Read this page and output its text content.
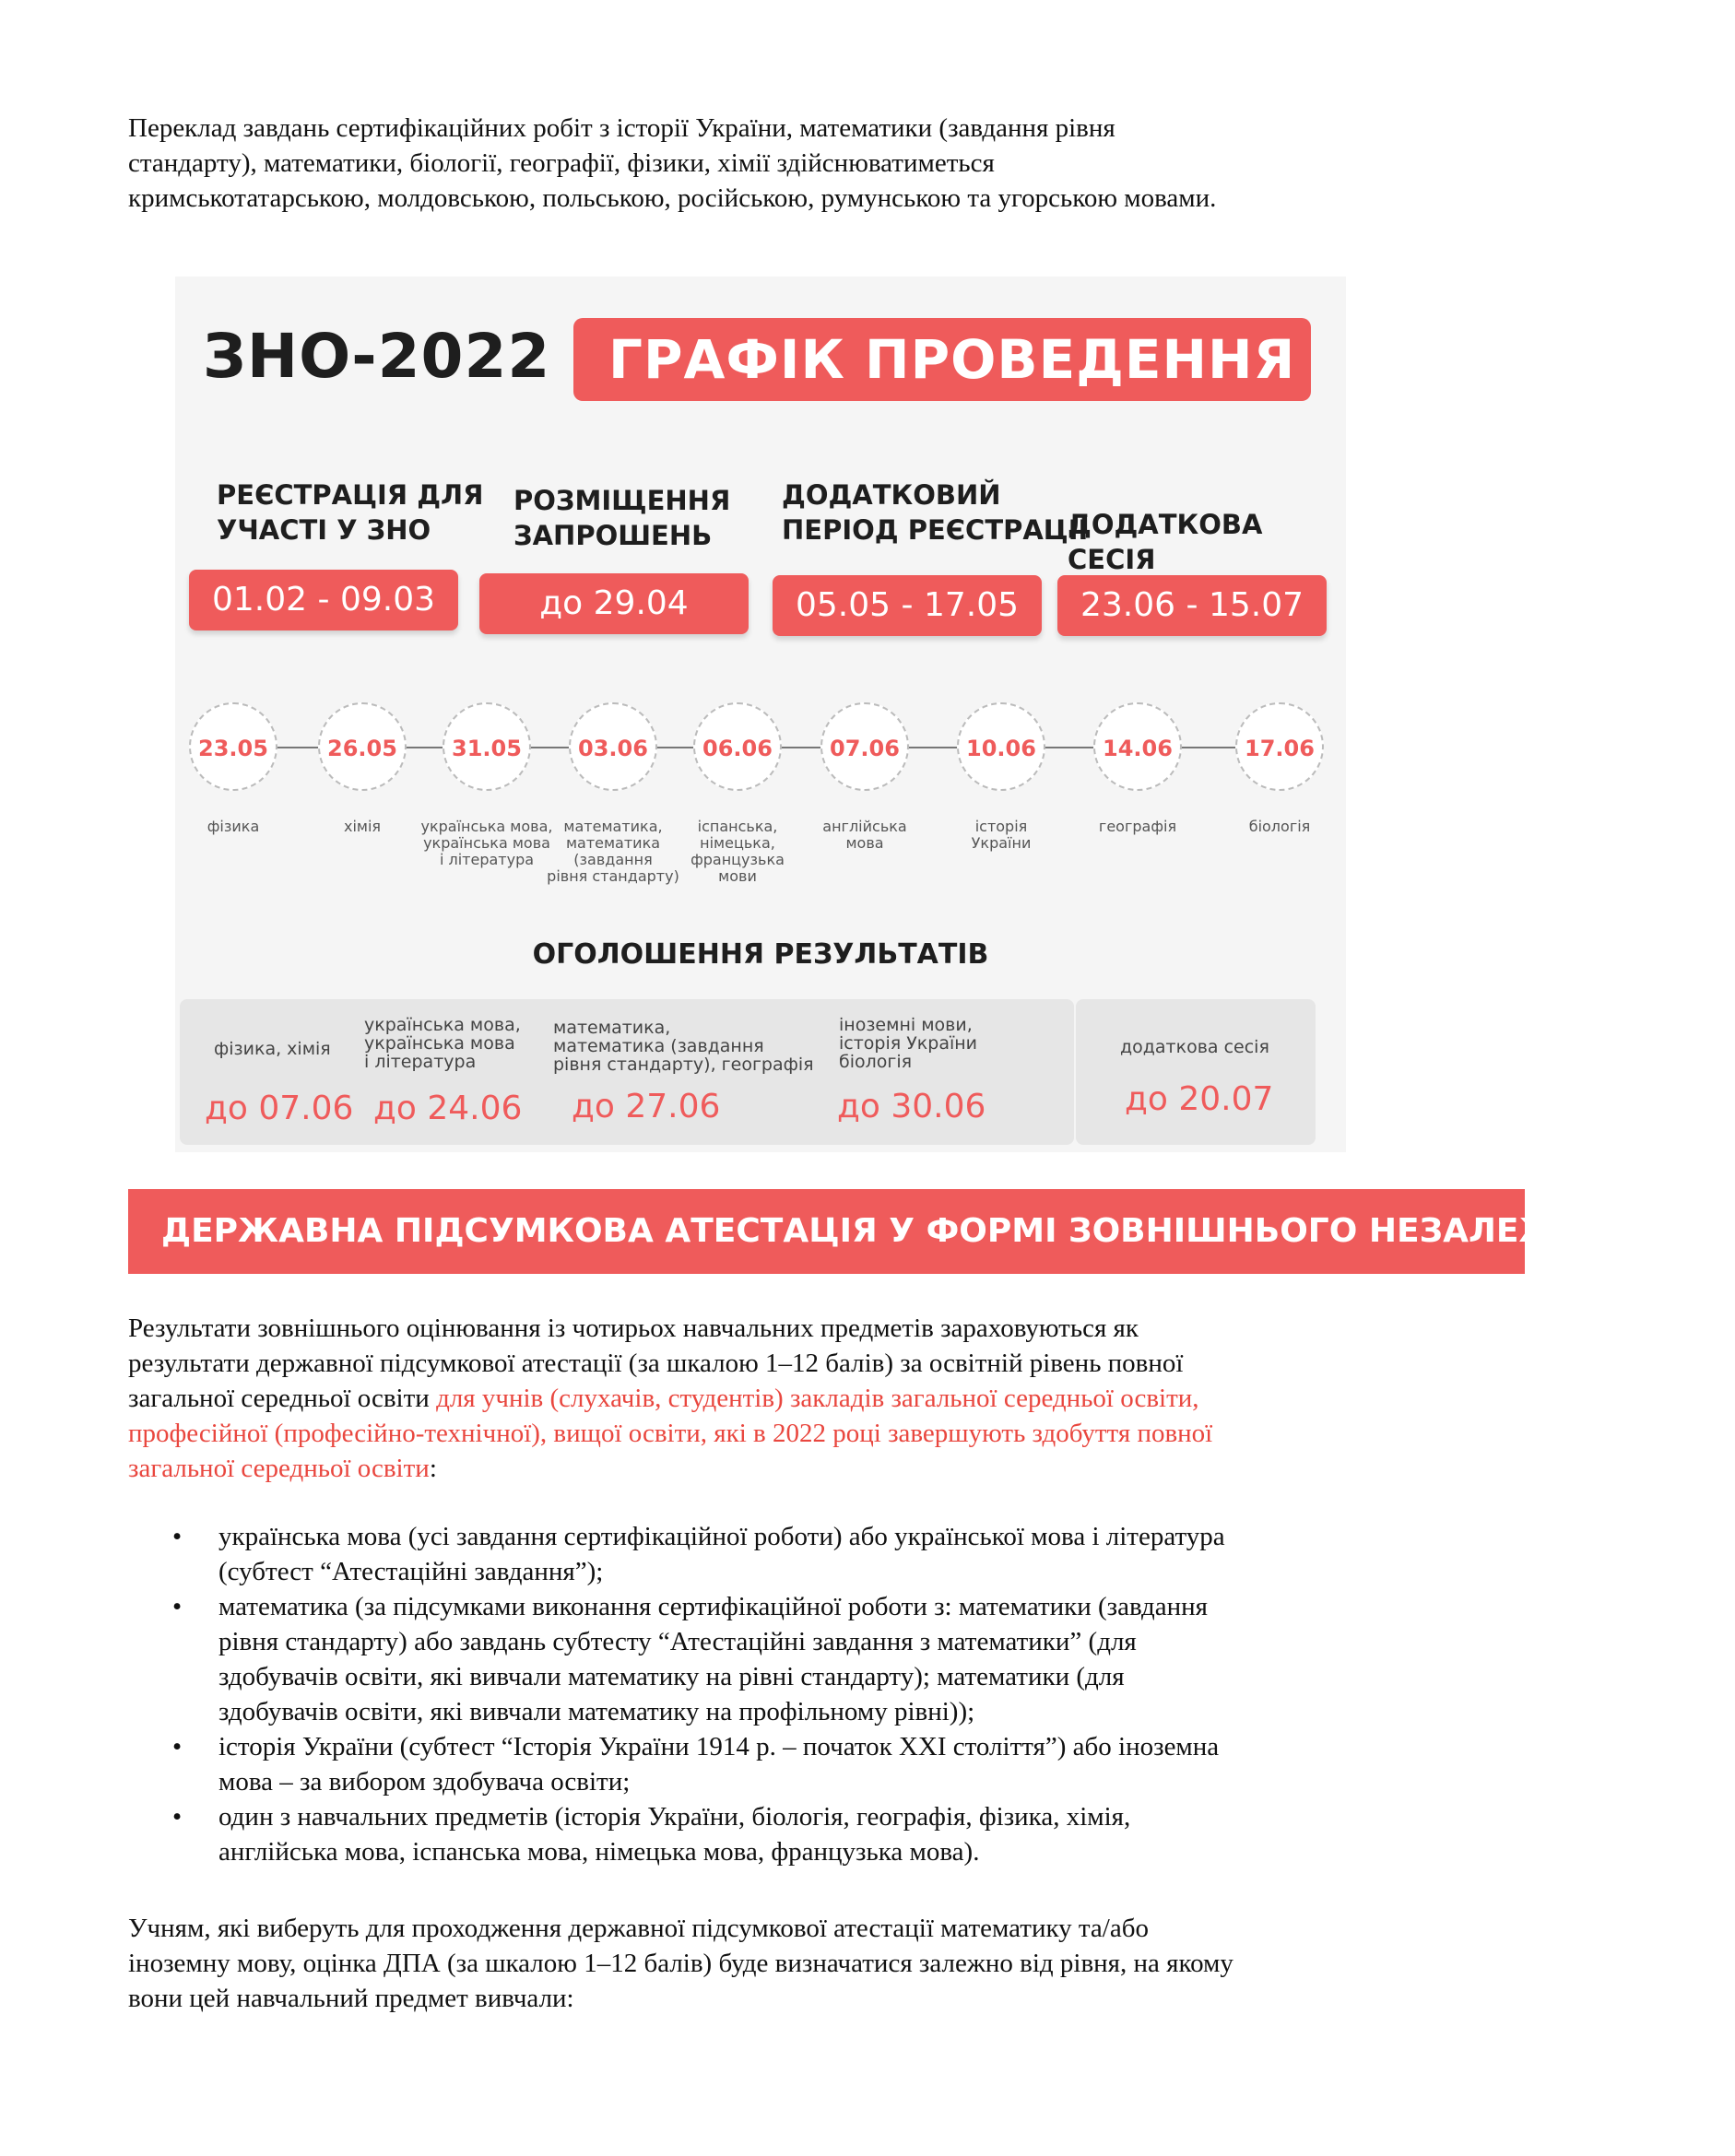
Переклад завдань сертифікаційних робіт з історії України, математики (завдання рівня
стандарту), математики, біології, географії, фізики, хімії здійснюватиметься
кримськотатарською, молдовською, польською, російською, румунською та угорською мовами.

ЗНО-2022	ГРАФІК ПРОВЕДЕННЯ
РЕЄСТРАЦІЯ ДЛЯ
УЧАСТІ У ЗНО
01.02 - 09.03
РОЗМІЩЕННЯ
ЗАПРОШЕНЬ
до 29.04
ДОДАТКОВИЙ
ПЕРІОД РЕЄСТРАЦІЇ
05.05 - 17.05
ДОДАТКОВА СЕСІЯ
23.06 - 15.07
23.05
фізика
26.05
хімія
31.05
українська мова,
українська мова
і література
03.06
математика,
математика
(завдання
рівня стандарту)
06.06
іспанська,
німецька,
французька
мови
07.06
англійська
мова
10.06
історія
України
14.06
географія
17.06
біологія
ОГОЛОШЕННЯ РЕЗУЛЬТАТІВ
фізика, хімія
до 07.06
українська мова,
українська мова
і література
до 24.06
математика,
математика (завдання
рівня стандарту), географія
до 27.06
іноземні мови,
історія України
біологія
до 30.06
додаткова сесія
до 20.07
ДЕРЖАВНА ПІДСУМКОВА АТЕСТАЦІЯ У ФОРМІ ЗОВНІШНЬОГО НЕЗАЛЕЖНОГО ОЦ

Результати зовнішнього оцінювання із чотирьох навчальних предметів зараховуються як
результати державної підсумкової атестації (за шкалою 1–12 балів) за освітній рівень повної
загальної середньої освіти для учнів (слухачів, студентів) закладів загальної середньої освіти,
професійної (професійно-технічної), вищої освіти, які в 2022 році завершують здобуття повної
загальної середньої освіти:

• українська мова (усі завдання сертифікаційної роботи) або української мова і література
(субтест “Атестаційні завдання”);
• математика (за підсумками виконання сертифікаційної роботи з: математики (завдання
рівня стандарту) або завдань субтесту “Атестаційні завдання з математики” (для
здобувачів освіти, які вивчали математику на рівні стандарту); математики (для
здобувачів освіти, які вивчали математику на профільному рівні));
• історія України (субтест “Історія України 1914 р. – початок ХХІ століття”) або іноземна
мова – за вибором здобувача освіти;
• один з навчальних предметів (історія України, біологія, географія, фізика, хімія,
англійська мова, іспанська мова, німецька мова, французька мова).

Учням, які виберуть для проходження державної підсумкової атестації математику та/або
іноземну мову, оцінка ДПА (за шкалою 1–12 балів) буде визначатися залежно від рівня, на якому
вони цей навчальний предмет вивчали:
